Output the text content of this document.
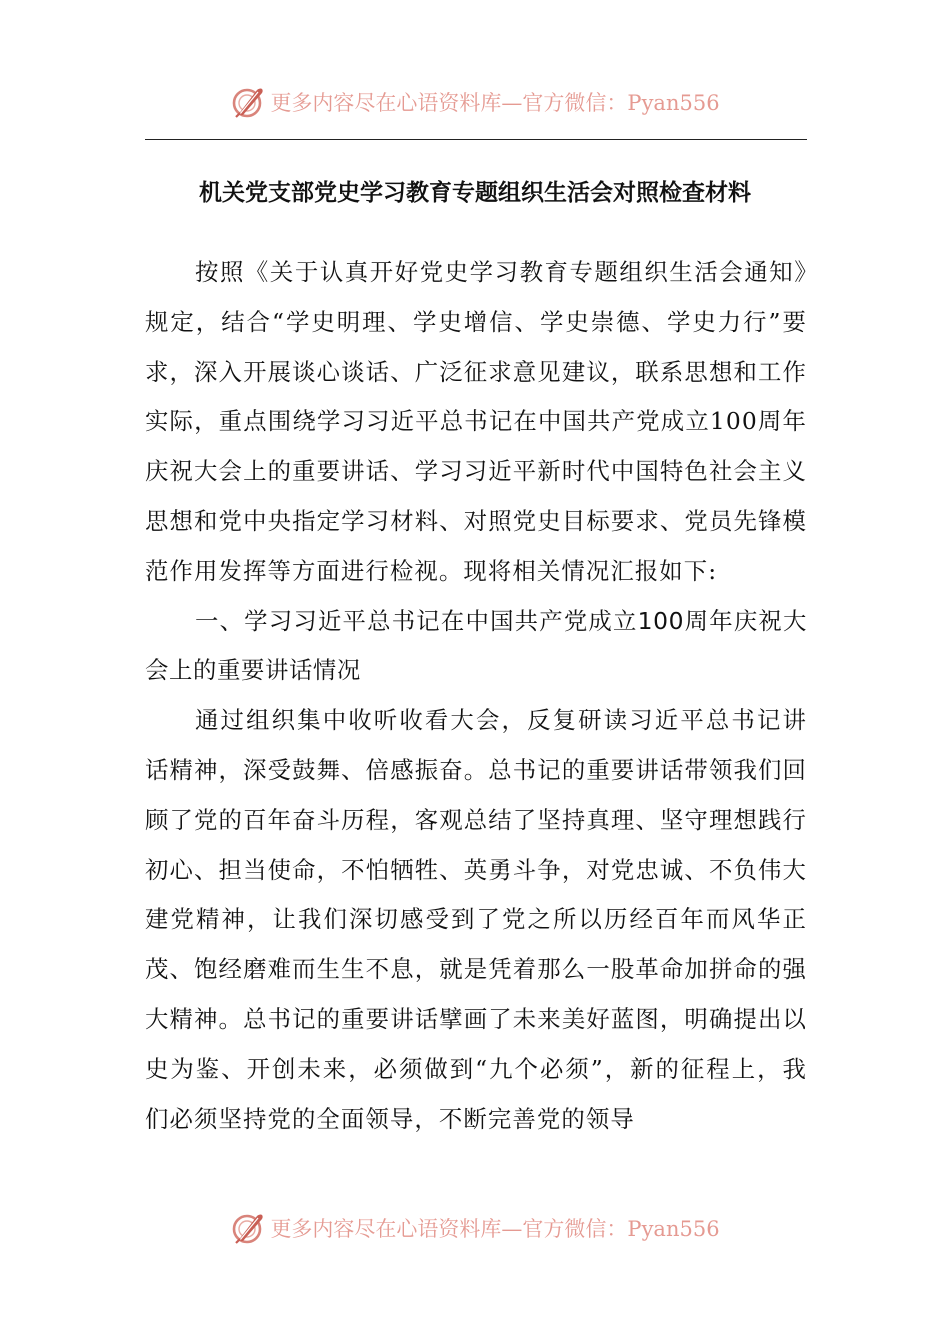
更多内容尽在心语资料库—官方微信：Pyan556
机关党支部党史学习教育专题组织生活会对照检查材料

按照《关于认真开好党史学习教育专题组织生活会通知》规定，结合“学史明理、学史增信、学史崇德、学史力行”要求，深入开展谈心谈话、广泛征求意见建议，联系思想和工作实际，重点围绕学习习近平总书记在中国共产党成立100周年庆祝大会上的重要讲话、学习习近平新时代中国特色社会主义思想和党中央指定学习材料、对照党史目标要求、党员先锋模范作用发挥等方面进行检视。现将相关情况汇报如下:

一、学习习近平总书记在中国共产党成立100周年庆祝大会上的重要讲话情况

通过组织集中收听收看大会，反复研读习近平总书记讲话精神，深受鼓舞、倍感振奋。总书记的重要讲话带领我们回顾了党的百年奋斗历程，客观总结了坚持真理、坚守理想践行初心、担当使命，不怕牺牲、英勇斗争，对党忠诚、不负伟大建党精神，让我们深切感受到了党之所以历经百年而风华正茂、饱经磨难而生生不息，就是凭着那么一股革命加拼命的强大精神。总书记的重要讲话擘画了未来美好蓝图，明确提出以史为鉴、开创未来，必须做到“九个必须”，新的征程上，我们必须坚持党的全面领导，不断完善党的领导

更多内容尽在心语资料库—官方微信：Pyan556
